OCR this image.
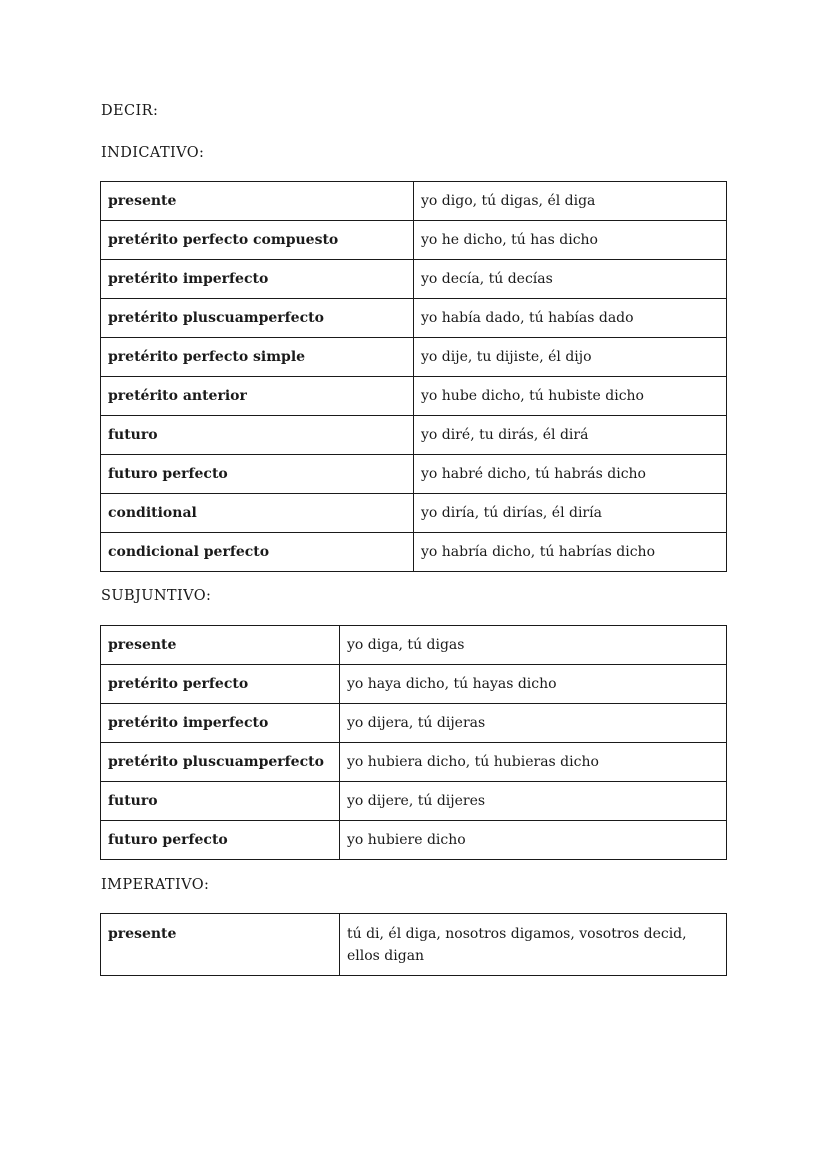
DECIR:
INDICATIVO:
presente	yo digo, tú digas, él diga
pretérito perfecto compuesto	yo he dicho, tú has dicho
pretérito imperfecto	yo decía, tú decías
pretérito pluscuamperfecto	yo había dado, tú habías dado
pretérito perfecto simple	yo dije, tu dijiste, él dijo
pretérito anterior	yo hube dicho, tú hubiste dicho
futuro	yo diré, tu dirás, él dirá
futuro perfecto	yo habré dicho, tú habrás dicho
conditional	yo diría, tú dirías, él diría
condicional perfecto	yo habría dicho, tú habrías dicho
SUBJUNTIVO:
presente	yo diga, tú digas
pretérito perfecto	yo haya dicho, tú hayas dicho
pretérito imperfecto	yo dijera, tú dijeras
pretérito pluscuamperfecto	yo hubiera dicho, tú hubieras dicho
futuro	yo dijere, tú dijeres
futuro perfecto	yo hubiere dicho
IMPERATIVO:
presente	tú di, él diga, nosotros digamos, vosotros decid, ellos digan
